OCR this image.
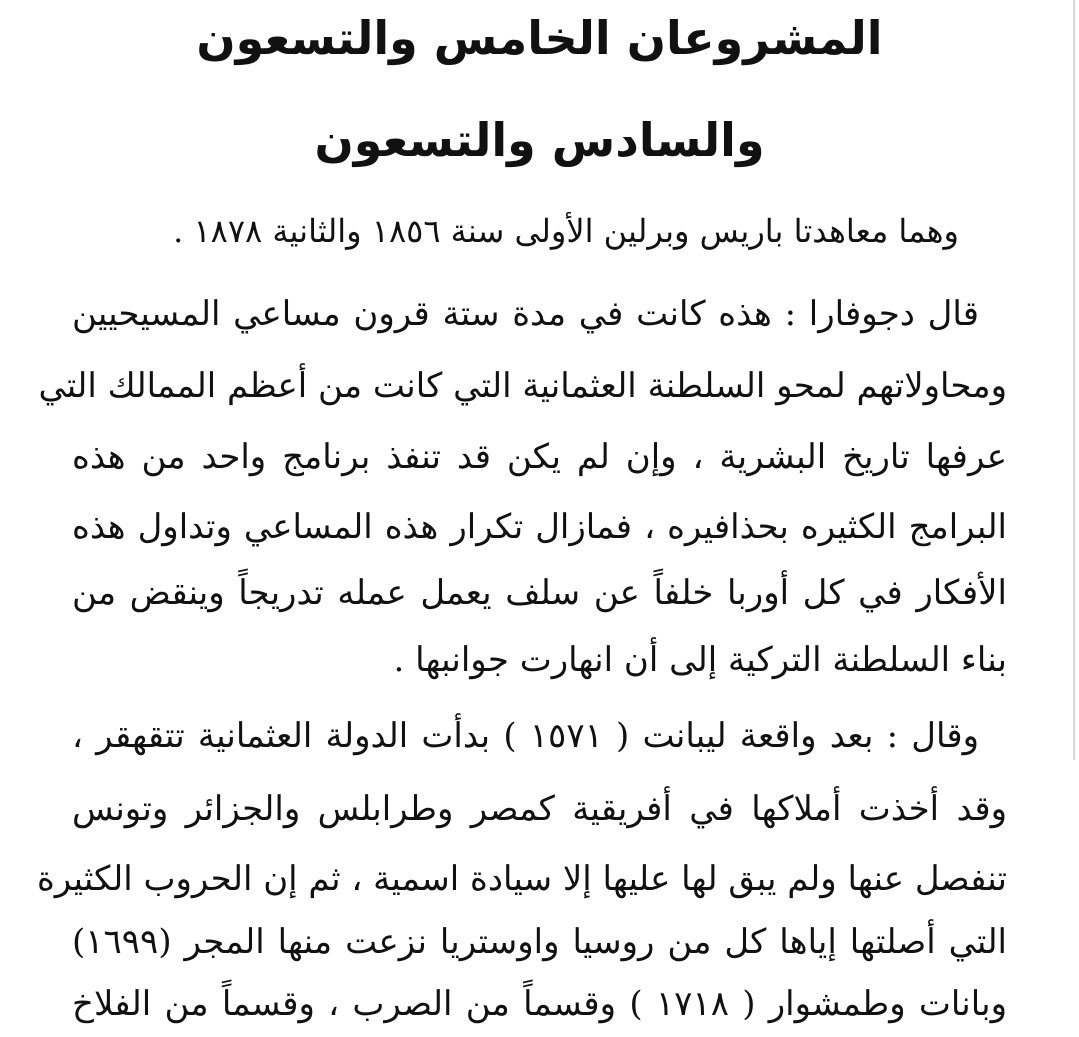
المشروعان الخامس والتسعون
والسادس والتسعون
وهما معاهدتا باريس وبرلين الأولى سنة ١٨٥٦ والثانية ١٨٧٨ .
قال دجوفارا : هذه كانت في مدة ستة قرون مساعي المسيحيين
ومحاولاتهم لمحو السلطنة العثمانية التي كانت من أعظم الممالك التي
عرفها تاريخ البشرية ، وإن لم يكن قد تنفذ برنامج واحد من هذه
البرامج الكثيره بحذافيره ، فمازال تكرار هذه المساعي وتداول هذه
الأفكار في كل أوربا خلفاً عن سلف يعمل عمله تدريجاً وينقض من
بناء السلطنة التركية إلى أن انهارت جوانبها .
وقال : بعد واقعة ليبانت ( ١٥٧١ ) بدأت الدولة العثمانية تتقهقر ،
وقد أخذت أملاكها في أفريقية كمصر وطرابلس والجزائر وتونس
تنفصل عنها ولم يبق لها عليها إلا سيادة اسمية ، ثم إن الحروب الكثيرة
التي أصلتها إياها كل من روسيا واوستريا نزعت منها المجر (١٦٩٩)
وبانات وطمشوار ( ١٧١٨ ) وقسماً من الصرب ، وقسماً من الفلاخ
